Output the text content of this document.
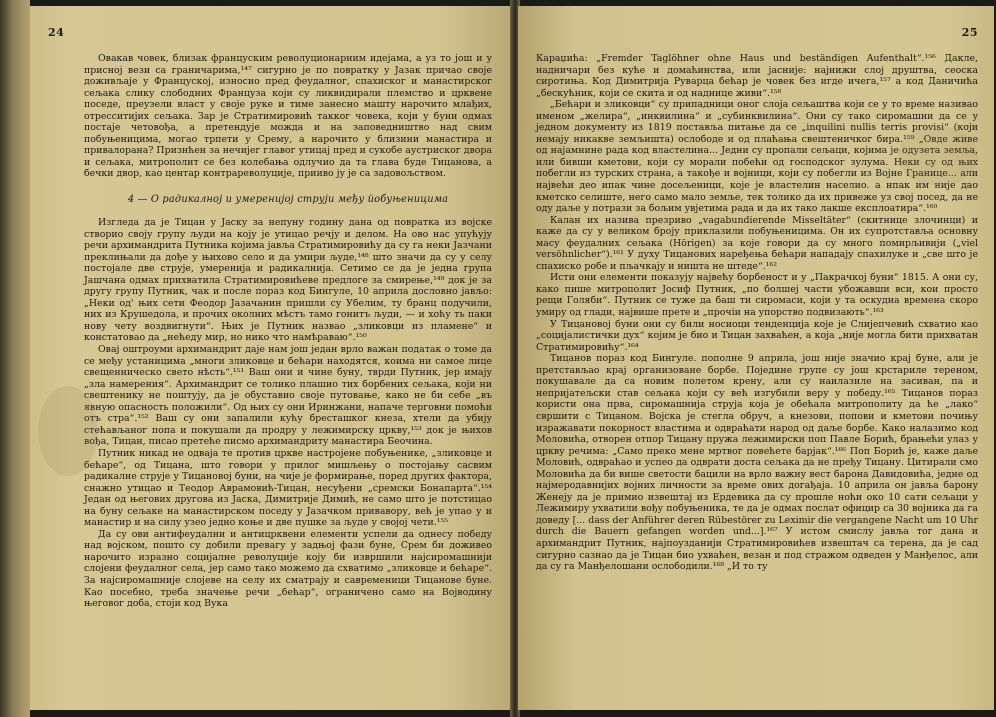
24

Овакав човек, близак француским револуционарним идејама, а уз то још и у присној вези са граничарима,¹⁴⁷ сигурно је по повратку у Јазак причао своје доживљаје у Француској, износио пред феудалног, спахиског и манастирског сељака слику слободних Француза који су ликвидирали племство и црквене поседе, преузели власт у своје руке и тиме занесно маштy нарочито млађих, отресситијих сељака. Зар је Стратимировић такког човека, који у буни одмах постаје четовођа, а претендује можда и на заповедништво над свим побуњеницима, могао трпети у Срему, а нарочито у близини манастира и привалорана? Признћен за нечијег главог утицај пред и сукобе аустриског двора и сељака, митрополит се без колебања одлучио да та глава буде Тицанова, а бечки двор, као центар контрареволуције, прииво ју је са задовољством.

4 — О радикалној и умеренијој струји међу йобуњеницима

Изгледа да је Тицан у Јаску за непуну годину дана од повратка из војске створио своју групу људи на коју је утицао речју и делом. На ово нас упућују речи архимандрита Путника којима јавља Стратимировићу да су га неки Јазчани преклињали да дође у њихово село и да умири људе,¹⁴⁸ што значи да су у селу постојале две струје, умеренија и радикалнија. Сетимо се да је једна група Јашчана одмах прихватила Стратимировићеве предлоге за смирење,¹⁴⁹ док је за другу групу Путник, чак и после пораз код Бингуле, 10 априла дословно јављо: „Неки од' њих сети Феодор Јазачанин пришли су Убелим, ту бранц подучили, них из Крушедола, и прочих околних мѣстъ тамо гонитъ људи, — и хоћу ть паки нову чету воздвигнути“. Њих је Путник назвао „зликовци из пламене“ и констатовао да „нећеду мир, но нико что намѣраваю“.¹⁵⁰

Овај оштроуми архимандрит даје нам још један врло важан податак о томе да се међу устаницима „многи зликовце и бећари находятся, коима ни самое лице свещенническо свето нѣсть“.¹⁵¹ Ваш они и чине буну, тврди Путник, јер имају „зла намерения“. Архимандрит се толико плашио тих борбених сељака, који ни свештенику не поштују, да је обуставио своје путовање, како не би себе „въ явную опасность положили“. Од њих су они Иринжани, напаче терговни помоћи отъ стра“.¹⁵² Ваш су они запалили кућу бресташког кнеза, хтели да убију стећављаног попа и покушали да продру у лежимирску цркву,¹⁵³ док је њихов вођа, Тицан, писао претеће писмо архимандриту манастира Беочина.

Путник никад не одваја те против црквe настројене побуњенике, „зликовце и бећаре“, од Тицана, што говори у прилог мишљењу о постојању сасвим радикалне струје у Тицановој буни, на чије је формирање, поред других фактора, снажно утицао и Теодор Аврамовић-Тицан, несуђени „сремски Бонапарта“.¹⁵⁴ Један од његових другова из Јаска, Димитрије Димић, не само што је потстицао на буну сељаке на манастирском поседу у Јазачком привавору, већ је упао у и манастир и на силу узео једно коње и две пушке за људе у својој чети.¹⁵⁵

Да су ови антифеудални и антицрквени елементи успели да однесу победу над војском, пошто су добили превагу у задњој фази буне, Срем би доживео нарочито изрaзно социјалне револуције коју би извршили најсиромашнији слојени феудалног села, јер само тако можемо да схватимо „зликовце и бећаре“. За најсиромашније слојеве на селу их сматрају и савременици Тицанове буне. Кao посебно, треба значење речи „бећар“, ограничено само на Војводину његовог доба, стоји код Вука

25

Караџића: „Fremder Taglöhner ohne Haus und beständigen Aufenthalt“.¹⁵⁶ Дакле, надничари без куће и домаћинства, или јасније: најнижи слој друштва, сеоска сиротиња. Код Димитрија Руварца бећар је човек без игде ичега,¹⁵⁷ а код Даничића „бескућник, који се скита и од наднице живи“.¹⁵⁸

„Бећари и зликовци“ су припадници оног слоја сељаштва који се у то време називао именом „желира“, „инквилина“ и „субинквилина“. Они су тако сиромашни да се у једном документу из 1819 постављa питање да се „inquilini nullis terris provisi“ (који немају никакве земљишта) ослободе и од плаћања свештеничког бира.¹⁵⁹ „Овде живе од најамнине рада код властелина... Једни су пропали сељаци, којима је одузета земља, или бивши кметови, који су морали побећи од господског зулума. Неки су од њих побегли из турских страна, а такође и војници, који су побегли из Војне Границе... али највећи део ипак чине досељеници, које је властелин населио. а нпак им није дао кметско селиште, него само мало земље, тек толико да их привеже уз свој посед, да не оду даље у потрази за бољим увјетима рада и да их тако лакше експлоатира“.¹⁶⁰

Калан их назива презриво „vagabundierende Misseltäter“ (скитнице злочинци) и каже да су у великом броју приклазили побуњеницима. Он их супротставља основну масу феудалних сељака (Hörigen) за које говори да су много помирљивији („viel versöhnlicher“).¹⁶¹ У духу Тицанових нарeђења бећари нападају спахилуке и „све што је спахиско робе и пљачкају и ништа не штеде“.¹⁶²

Исти они елементи показују највећу борбеност и у „Пакрачкој буни“ 1815. А они су, како пише митрополит Јосиф Путник, „по болшеј части убожавши вси, кои просто рещи Голяби“. Путник се туже да баш ти сиромаси, који у та оскудна времена скоро умиру од глади, највише прете и „прочiи на упорство подвизають“.¹⁶³

У Тицановој буни они су били носиоци тенденција које је Слијепчевић схватио као „социјалистички дух“ којим је био и Тицан захваћен, а која „није могла бити прихватан Стратимировићу“.¹⁶⁴

Тицанов пораз код Бингуле. пополне 9 априла, још није значио крај буне, али је претстављао крај организоване борбе. Поједине групе су још крстариле тереном, покушавале да са новим полетом крену, али су наилазиле на засиван, па и непријатељски став сељака који су већ изгубили веру у победу.¹⁶⁵ Тицанов пораз користи она прва, сиромашнијa струја која је обећала митрополиту да ће „лако“ свршити с Тицаном. Војска је стегла обруч, а кнезови, попови и кметови почињу изражавати покорност властима и одвраћати народ од даље борбе. Како налазимо код Моловића, отворен отпор Тицану пружа лежимирски поп Павле Борић, брањећи улаз у цркву речима: „Само преко мене мртвог повећете барјак“.¹⁶⁶ Поп Борић је, каже даље Моловић, одвраћао и успео да одврати доста сељака да не пређу Тицану. Цитирали смо Моловића да би више светости бацили на врло важну вест барона Давидовића, једне од најмерoдавнијих војних личности за време ових догађаја. 10 априла он јавља барону Женеју да је примио извештај из Ердевика да су прошле ноћи око 10 сати сељаци у Лежимиру ухватили вођу побуњеника, те да је одмах послат официр са 30 војника да га доведу [... dass der Anführer deren Rübestörer zu Leximir die vergangene Nacht um 10 Uhr durch die Bauern gefangen worden und...].¹⁶⁷ У истом смислу јавља тог дана и архимандрит Путник, најпоузданији Стратимировићев извештач са терена, да је сад сигурно сазнао да је Тицан био ухваћен, везан и под стражом одведен у Манђелос, али да су га Манђелошани ослободили.¹⁶⁸ „И то ту
